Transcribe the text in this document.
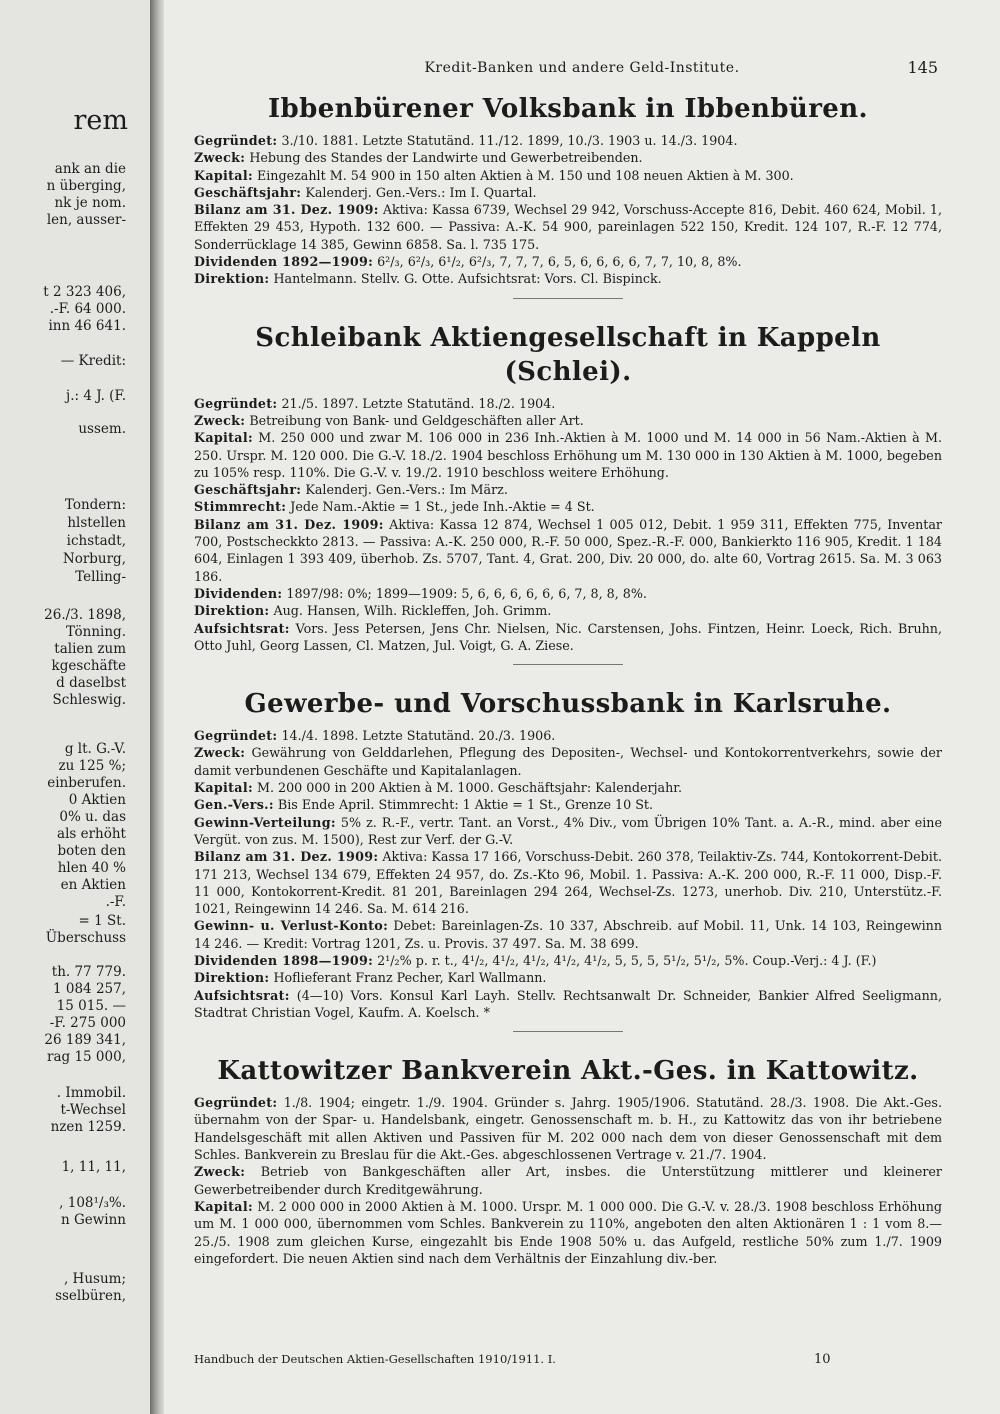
rem
ank an die
n überging,
nk je nom.
len, ausser-
t 2 323 406,
.-F. 64 000.
inn 46 641.
— Kredit:
j.: 4 J. (F.
ussem.
Tondern:
hlstellen
ichstadt,
Norburg,
Telling-
26./3. 1898,
Tönning.
talien zum
kgeschäfte
d daselbst
Schleswig.
g lt. G.-V.
zu 125 %;
einberufen.
0 Aktien
0% u. das
als erhöht
boten den
hlen 40 %
en Aktien
.-F.
= 1 St.
Überschuss
th. 77 779.
1 084 257,
15 015. —
-F. 275 000
26 189 341,
rag 15 000,
. Immobil.
t-Wechsel
nzen 1259.
1, 11, 11,
, 108¹/₃%.
n Gewinn
, Husum;
sselbüren,
Kredit-Banken und andere Geld-Institute.	145
Ibbenbürener Volksbank in Ibbenbüren.

Gegründet: 3./10. 1881. Letzte Statutänd. 11./12. 1899, 10./3. 1903 u. 14./3. 1904.

Zweck: Hebung des Standes der Landwirte und Gewerbetreibenden.

Kapital: Eingezahlt M. 54 900 in 150 alten Aktien à M. 150 und 108 neuen Aktien à M. 300.

Geschäftsjahr: Kalenderj. Gen.-Vers.: Im I. Quartal.

Bilanz am 31. Dez. 1909: Aktiva: Kassa 6739, Wechsel 29 942, Vorschuss-Accepte 816, Debit. 460 624, Mobil. 1, Effekten 29 453, Hypoth. 132 600. — Passiva: A.-K. 54 900, pareinlagen 522 150, Kredit. 124 107, R.-F. 12 774, Sonderrücklage 14 385, Gewinn 6858. Sa. l. 735 175.

Dividenden 1892—1909: 6²/₃, 6²/₃, 6¹/₂, 6²/₃, 7, 7, 7, 6, 5, 6, 6, 6, 6, 7, 7, 10, 8, 8%.

Direktion: Hantelmann. Stellv. G. Otte. Aufsichtsrat: Vors. Cl. Bispinck.

Schleibank Aktiengesellschaft in Kappeln (Schlei).

Gegründet: 21./5. 1897. Letzte Statutänd. 18./2. 1904.

Zweck: Betreibung von Bank- und Geldgeschäften aller Art.

Kapital: M. 250 000 und zwar M. 106 000 in 236 Inh.-Aktien à M. 1000 und M. 14 000 in 56 Nam.-Aktien à M. 250. Urspr. M. 120 000. Die G.-V. 18./2. 1904 beschloss Erhöhung um M. 130 000 in 130 Aktien à M. 1000, begeben zu 105% resp. 110%. Die G.-V. v. 19./2. 1910 beschloss weitere Erhöhung.

Geschäftsjahr: Kalenderj. Gen.-Vers.: Im März.

Stimmrecht: Jede Nam.-Aktie = 1 St., jede Inh.-Aktie = 4 St.

Bilanz am 31. Dez. 1909: Aktiva: Kassa 12 874, Wechsel 1 005 012, Debit. 1 959 311, Effekten 775, Inventar 700, Postscheckkto 2813. — Passiva: A.-K. 250 000, R.-F. 50 000, Spez.-R.-F. 000, Bankierkto 116 905, Kredit. 1 184 604, Einlagen 1 393 409, überhob. Zs. 5707, Tant. 4, Grat. 200, Div. 20 000, do. alte 60, Vortrag 2615. Sa. M. 3 063 186.

Dividenden: 1897/98: 0%; 1899—1909: 5, 6, 6, 6, 6, 6, 6, 7, 8, 8, 8%.

Direktion: Aug. Hansen, Wilh. Rickleffen, Joh. Grimm.

Aufsichtsrat: Vors. Jess Petersen, Jens Chr. Nielsen, Nic. Carstensen, Johs. Fintzen, Heinr. Loeck, Rich. Bruhn, Otto Juhl, Georg Lassen, Cl. Matzen, Jul. Voigt, G. A. Ziese.

Gewerbe- und Vorschussbank in Karlsruhe.

Gegründet: 14./4. 1898. Letzte Statutänd. 20./3. 1906.

Zweck: Gewährung von Gelddarlehen, Pflegung des Depositen-, Wechsel- und Kontokorrentverkehrs, sowie der damit verbundenen Geschäfte und Kapitalanlagen.

Kapital: M. 200 000 in 200 Aktien à M. 1000. Geschäftsjahr: Kalenderjahr.

Gen.-Vers.: Bis Ende April. Stimmrecht: 1 Aktie = 1 St., Grenze 10 St.

Gewinn-Verteilung: 5% z. R.-F., vertr. Tant. an Vorst., 4% Div., vom Übrigen 10% Tant. a. A.-R., mind. aber eine Vergüt. von zus. M. 1500), Rest zur Verf. der G.-V.

Bilanz am 31. Dez. 1909: Aktiva: Kassa 17 166, Vorschuss-Debit. 260 378, Teilaktiv-Zs. 744, Kontokorrent-Debit. 171 213, Wechsel 134 679, Effekten 24 957, do. Zs.-Kto 96, Mobil. 1. Passiva: A.-K. 200 000, R.-F. 11 000, Disp.-F. 11 000, Kontokorrent-Kredit. 81 201, Bareinlagen 294 264, Wechsel-Zs. 1273, unerhob. Div. 210, Unterstütz.-F. 1021, Reingewinn 14 246. Sa. M. 614 216.

Gewinn- u. Verlust-Konto: Debet: Bareinlagen-Zs. 10 337, Abschreib. auf Mobil. 11, Unk. 14 103, Reingewinn 14 246. — Kredit: Vortrag 1201, Zs. u. Provis. 37 497. Sa. M. 38 699.

Dividenden 1898—1909: 2¹/₂% p. r. t., 4¹/₂, 4¹/₂, 4¹/₂, 4¹/₂, 4¹/₂, 5, 5, 5, 5¹/₂, 5¹/₂, 5%. Coup.-Verj.: 4 J. (F.)

Direktion: Hoflieferant Franz Pecher, Karl Wallmann.

Aufsichtsrat: (4—10) Vors. Konsul Karl Layh. Stellv. Rechtsanwalt Dr. Schneider, Bankier Alfred Seeligmann, Stadtrat Christian Vogel, Kaufm. A. Koelsch. *

Kattowitzer Bankverein Akt.-Ges. in Kattowitz.

Gegründet: 1./8. 1904; eingetr. 1./9. 1904. Gründer s. Jahrg. 1905/1906. Statutänd. 28./3. 1908. Die Akt.-Ges. übernahm von der Spar- u. Handelsbank, eingetr. Genossenschaft m. b. H., zu Kattowitz das von ihr betriebene Handelsgeschäft mit allen Aktiven und Passiven für M. 202 000 nach dem von dieser Genossenschaft mit dem Schles. Bankverein zu Breslau für die Akt.-Ges. abgeschlossenen Vertrage v. 21./7. 1904.

Zweck: Betrieb von Bankgeschäften aller Art, insbes. die Unterstützung mittlerer und kleinerer Gewerbetreibender durch Kreditgewährung.

Kapital: M. 2 000 000 in 2000 Aktien à M. 1000. Urspr. M. 1 000 000. Die G.-V. v. 28./3. 1908 beschloss Erhöhung um M. 1 000 000, übernommen vom Schles. Bankverein zu 110%, angeboten den alten Aktionären 1 : 1 vom 8.—25./5. 1908 zum gleichen Kurse, eingezahlt bis Ende 1908 50% u. das Aufgeld, restliche 50% zum 1./7. 1909 eingefordert. Die neuen Aktien sind nach dem Verhältnis der Einzahlung div.-ber.

Handbuch der Deutschen Aktien-Gesellschaften 1910/1911. I.	10
